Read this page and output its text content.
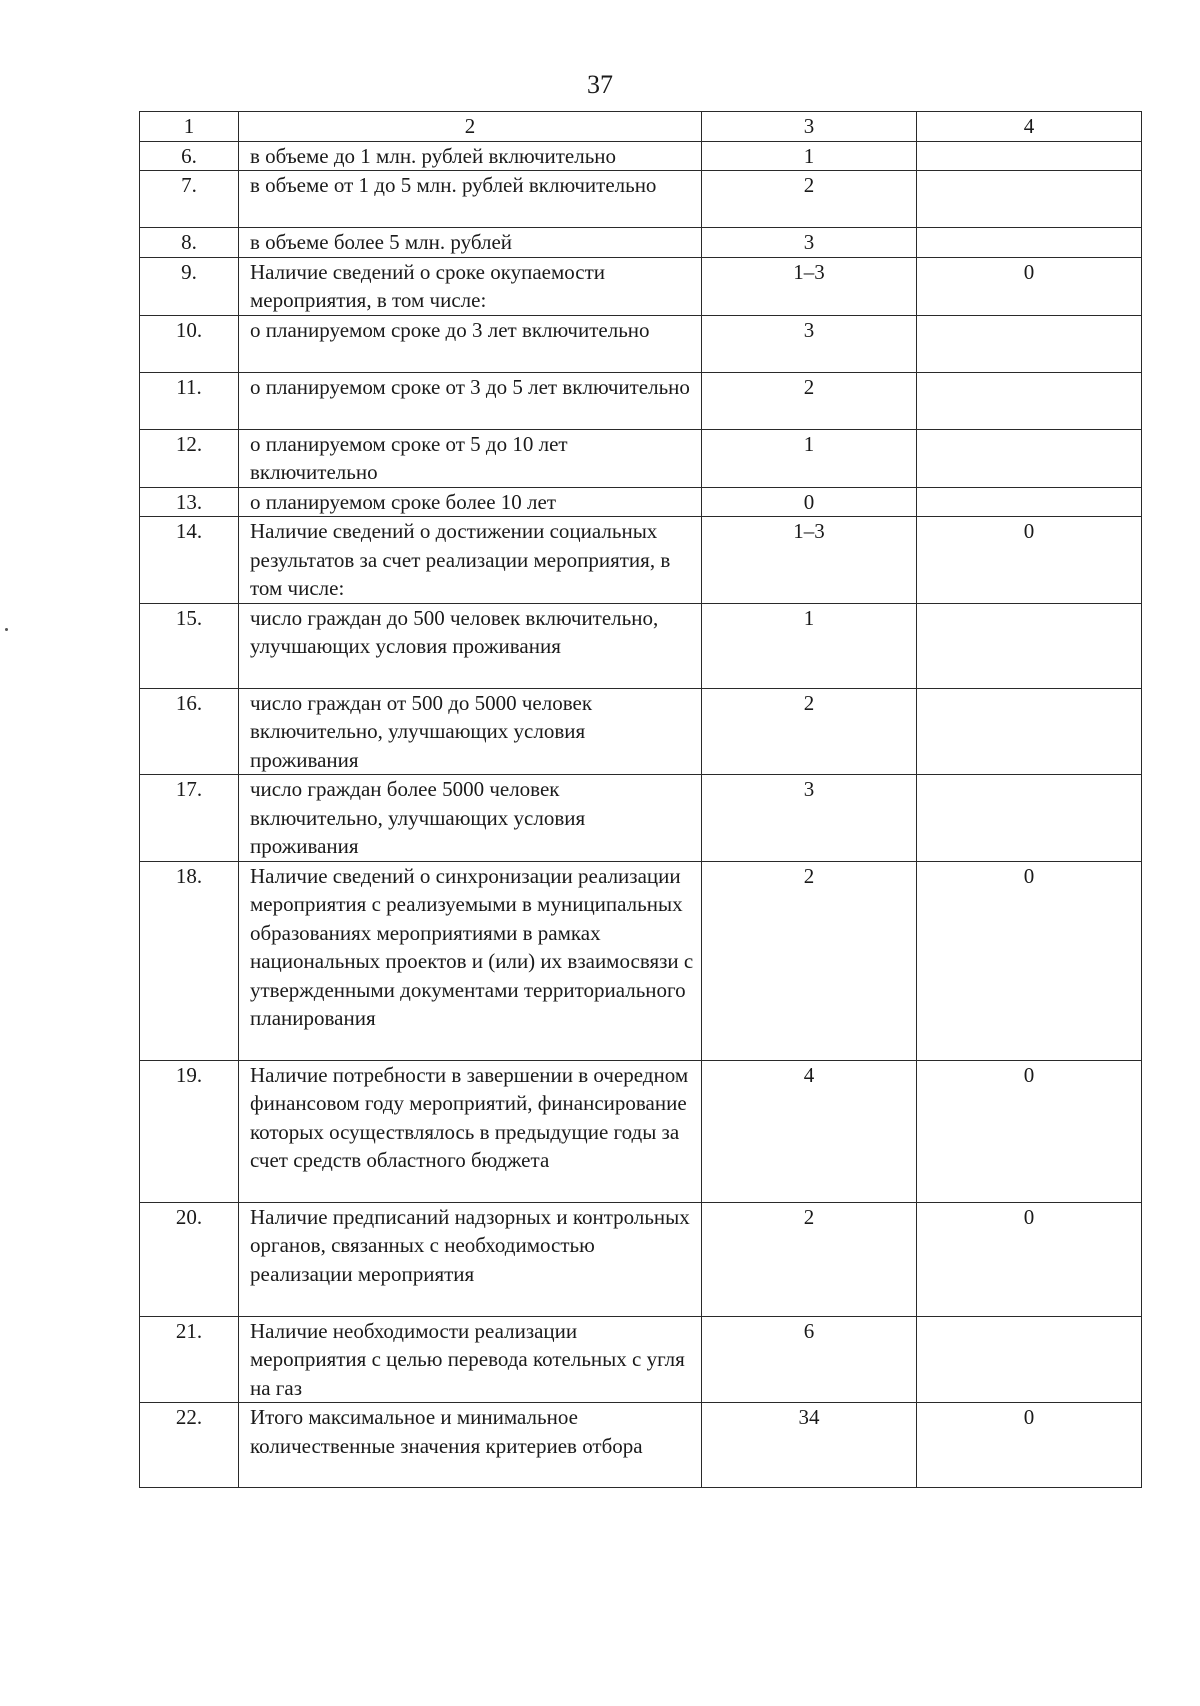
37
1	2	3	4
6.	в объеме до 1 млн. рублей включительно	1	
7.	в объеме от 1 до 5 млн. рублей включительно	2	
8.	в объеме более 5 млн. рублей	3	
9.	Наличие сведений о сроке окупаемости мероприятия, в том числе:	1–3	0
10.	о планируемом сроке до 3 лет включительно	3	
11.	о планируемом сроке от 3 до 5 лет включительно	2	
12.	о планируемом сроке от 5 до 10 лет включительно	1	
13.	о планируемом сроке более 10 лет	0	
14.	Наличие сведений о достижении социальных результатов за счет реализации мероприятия, в том числе:	1–3	0
15.	число граждан до 500 человек включительно, улучшающих условия проживания	1	
16.	число граждан от 500 до 5000 человек включительно, улучшающих условия проживания	2	
17.	число граждан более 5000 человек включительно, улучшающих условия проживания	3	
18.	Наличие сведений о синхронизации реализации мероприятия с реализуемыми в муниципальных образованиях мероприятиями в рамках национальных проектов и (или) их взаимосвязи с утвержденными документами территориального планирования	2	0
19.	Наличие потребности в завершении в очередном финансовом году мероприятий, финансирование которых осуществлялось в предыдущие годы за счет средств областного бюджета	4	0
20.	Наличие предписаний надзорных и контрольных органов, связанных с необходимостью реализации мероприятия	2	0
21.	Наличие необходимости реализации мероприятия с целью перевода котельных с угля на газ	6	
22.	Итого максимальное и минимальное количественные значения критериев отбора	34	0
